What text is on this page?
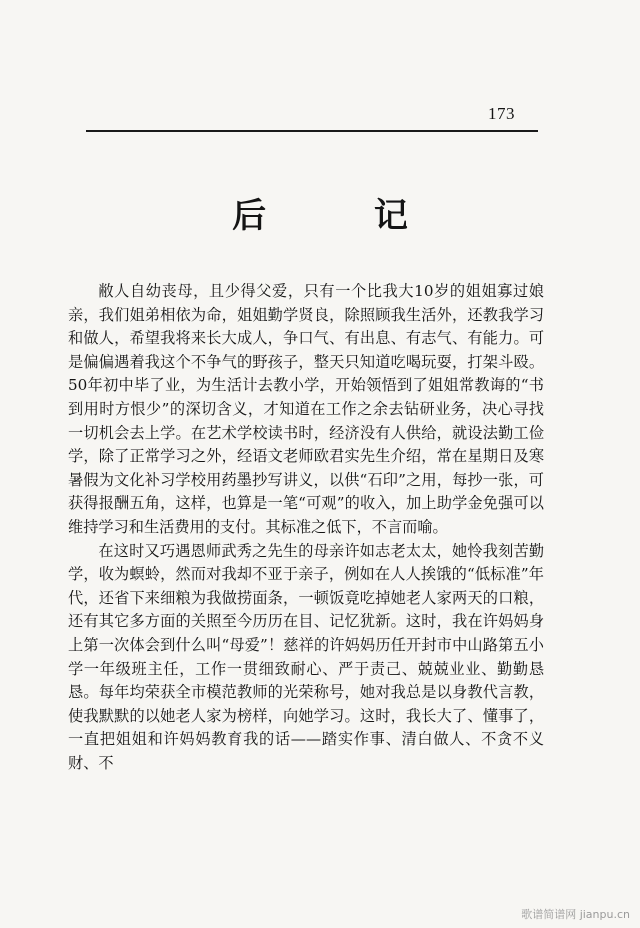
173
后 记

敝人自幼丧母，且少得父爱，只有一个比我大10岁的姐姐寡过娘亲，我们姐弟相依为命，姐姐勤学贤良，除照顾我生活外，还教我学习和做人，希望我将来长大成人，争口气、有出息、有志气、有能力。可是偏偏遇着我这个不争气的野孩子，整天只知道吃喝玩耍，打架斗殴。50年初中毕了业，为生活计去教小学，开始领悟到了姐姐常教诲的“书到用时方恨少”的深切含义，才知道在工作之余去钻研业务，决心寻找一切机会去上学。在艺术学校读书时，经济没有人供给，就设法勤工俭学，除了正常学习之外，经语文老师欧君实先生介绍，常在星期日及寒暑假为文化补习学校用药墨抄写讲义，以供“石印”之用，每抄一张，可获得报酬五角，这样，也算是一笔“可观”的收入，加上助学金免强可以维持学习和生活费用的支付。其标准之低下，不言而喻。

在这时又巧遇恩师武秀之先生的母亲许如志老太太，她怜我刻苦勤学，收为螟蛉，然而对我却不亚于亲子，例如在人人挨饿的“低标准”年代，还省下来细粮为我做捞面条，一顿饭竟吃掉她老人家两天的口粮，还有其它多方面的关照至今历历在目、记忆犹新。这时，我在许妈妈身上第一次体会到什么叫“母爱”！慈祥的许妈妈历任开封市中山路第五小学一年级班主任，工作一贯细致耐心、严于责己、兢兢业业、勤勤恳恳。每年均荣获全市模范教师的光荣称号，她对我总是以身教代言教，使我默默的以她老人家为榜样，向她学习。这时，我长大了、懂事了，一直把姐姐和许妈妈教育我的话——踏实作事、清白做人、不贪不义财、不

歌谱简谱网 jianpu.cn
